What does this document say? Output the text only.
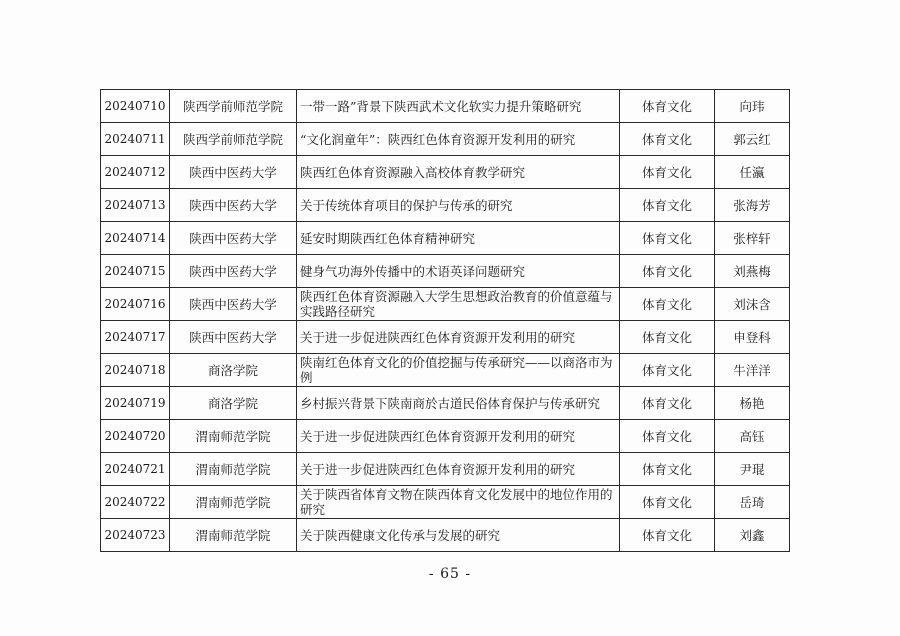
20240710	陕西学前师范学院	一带一路”背景下陕西武术文化软实力提升策略研究	体育文化	向玮
20240711	陕西学前师范学院	“文化润童年”：陕西红色体育资源开发利用的研究	体育文化	郭云红
20240712	陕西中医药大学	陕西红色体育资源融入高校体育教学研究	体育文化	任瀛
20240713	陕西中医药大学	关于传统体育项目的保护与传承的研究	体育文化	张海芳
20240714	陕西中医药大学	延安时期陕西红色体育精神研究	体育文化	张梓轩
20240715	陕西中医药大学	健身气功海外传播中的术语英译问题研究	体育文化	刘燕梅
20240716	陕西中医药大学	陕西红色体育资源融入大学生思想政治教育的价值意蕴与实践路径研究	体育文化	刘沫含
20240717	陕西中医药大学	关于进一步促进陕西红色体育资源开发利用的研究	体育文化	申登科
20240718	商洛学院	陕南红色体育文化的价值挖掘与传承研究——以商洛市为例	体育文化	牛洋洋
20240719	商洛学院	乡村振兴背景下陕南商於古道民俗体育保护与传承研究	体育文化	杨艳
20240720	渭南师范学院	关于进一步促进陕西红色体育资源开发利用的研究	体育文化	高钰
20240721	渭南师范学院	关于进一步促进陕西红色体育资源开发利用的研究	体育文化	尹琨
20240722	渭南师范学院	关于陕西省体育文物在陕西体育文化发展中的地位作用的研究	体育文化	岳琦
20240723	渭南师范学院	关于陕西健康文化传承与发展的研究	体育文化	刘鑫
- 65 -
